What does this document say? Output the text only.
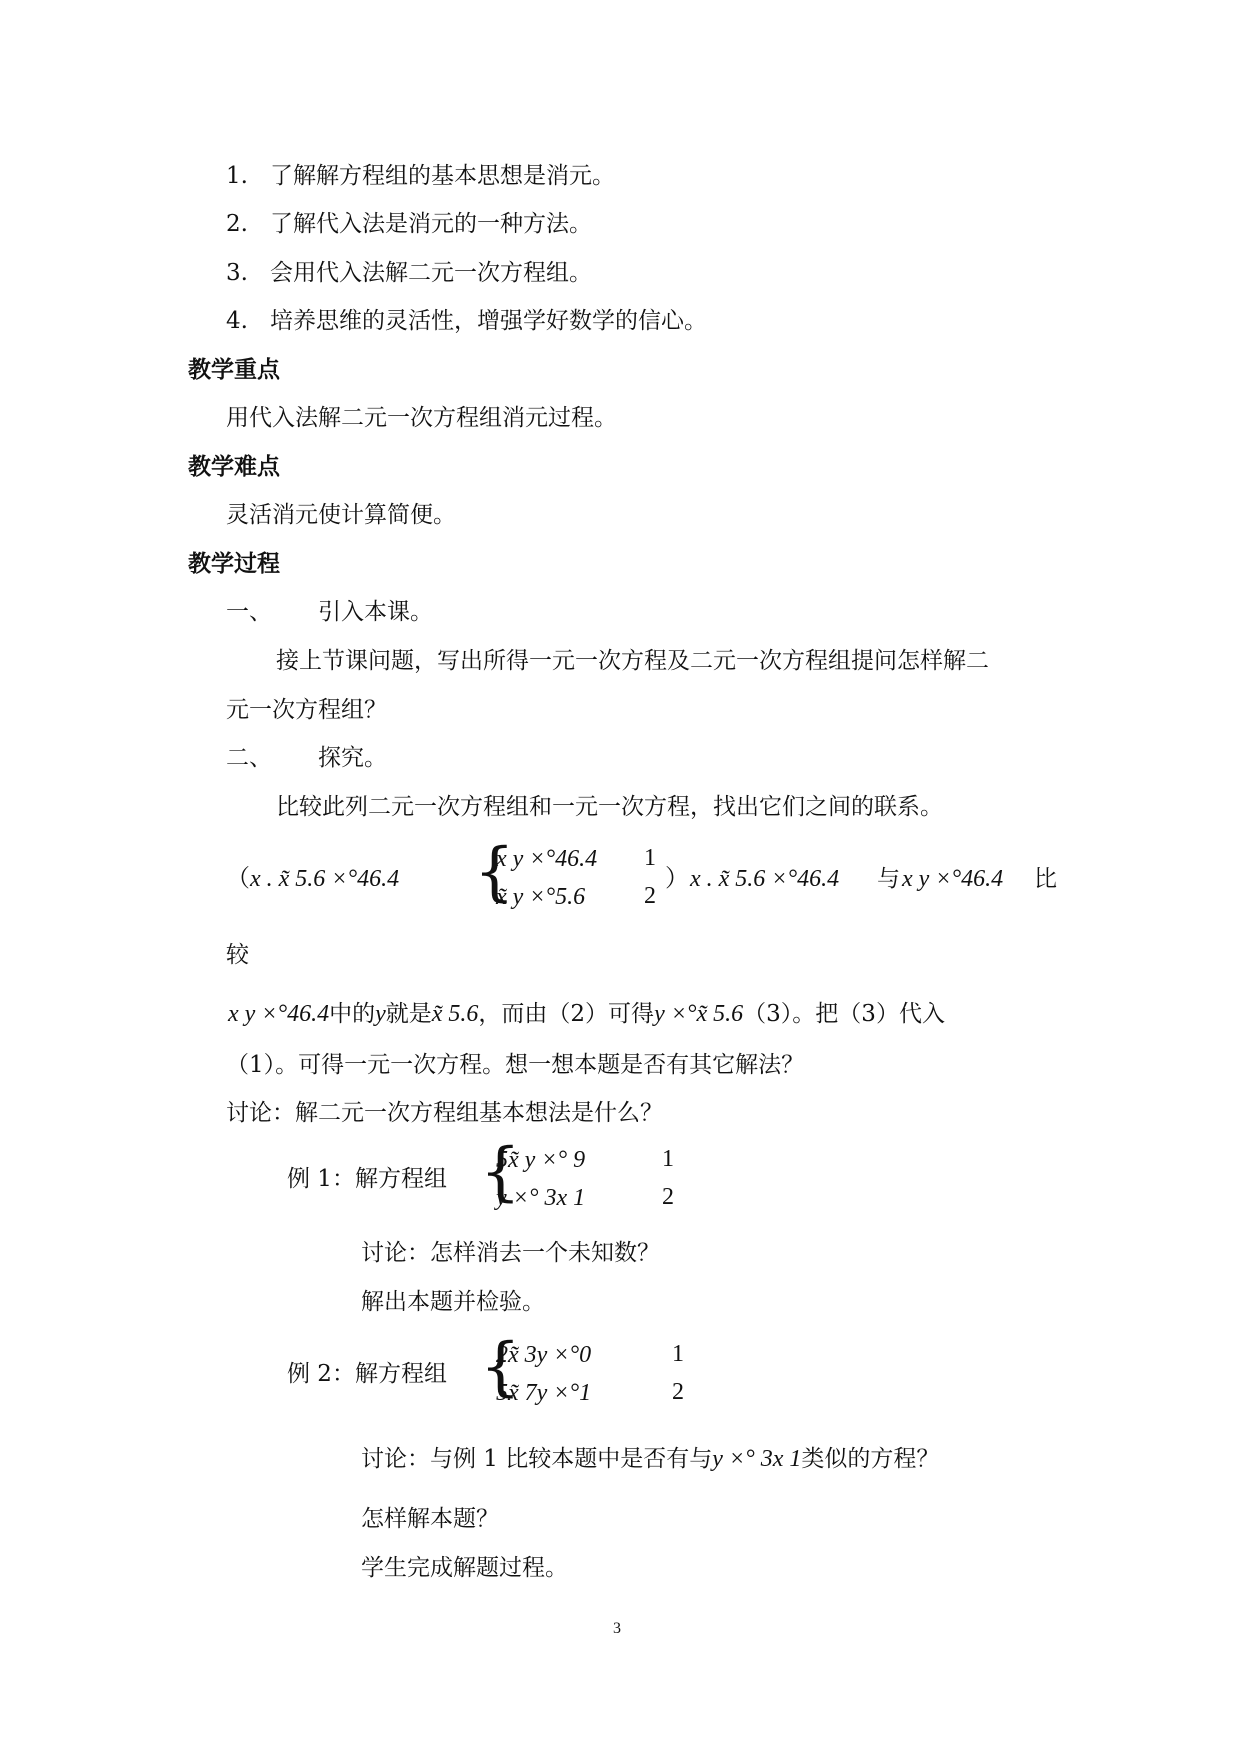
1. 了解解方程组的基本思想是消元。
2. 了解代入法是消元的一种方法。
3. 会用代入法解二元一次方程组。
4. 培养思维的灵活性，增强学好数学的信心。
教学重点
用代入法解二元一次方程组消元过程。
教学难点
灵活消元使计算简便。
教学过程
一、 引入本课。
接上节课问题，写出所得一元一次方程及二元一次方程组提问怎样解二
元一次方程组？
二、 探究。
比较此列二元一次方程组和一元一次方程，找出它们之间的联系。
（ x . x̃ 5.6 ×°46.4 {
x y ×°46.4 1
x̃ y ×°5.6 2
） x . x̃ 5.6 ×°46.4 与 x y ×°46.4 比
较
x y ×°46.4中的y就是x̃ 5.6，而由（2）可得y ×°x̃ 5.6（3）。把（3）代入
（1）。可得一元一次方程。想一想本题是否有其它解法？
讨论：解二元一次方程组基本想法是什么？
例 1：解方程组 {
5x̃ y ×° 9	1
y ×° 3x 1	2
讨论：怎样消去一个未知数？
解出本题并检验。
例 2：解方程组 {
2x̃ 3y ×°0	1
5x̃ 7y ×°1	2
讨论：与例 1 比较本题中是否有与y ×° 3x 1类似的方程？
怎样解本题？
学生完成解题过程。
3
